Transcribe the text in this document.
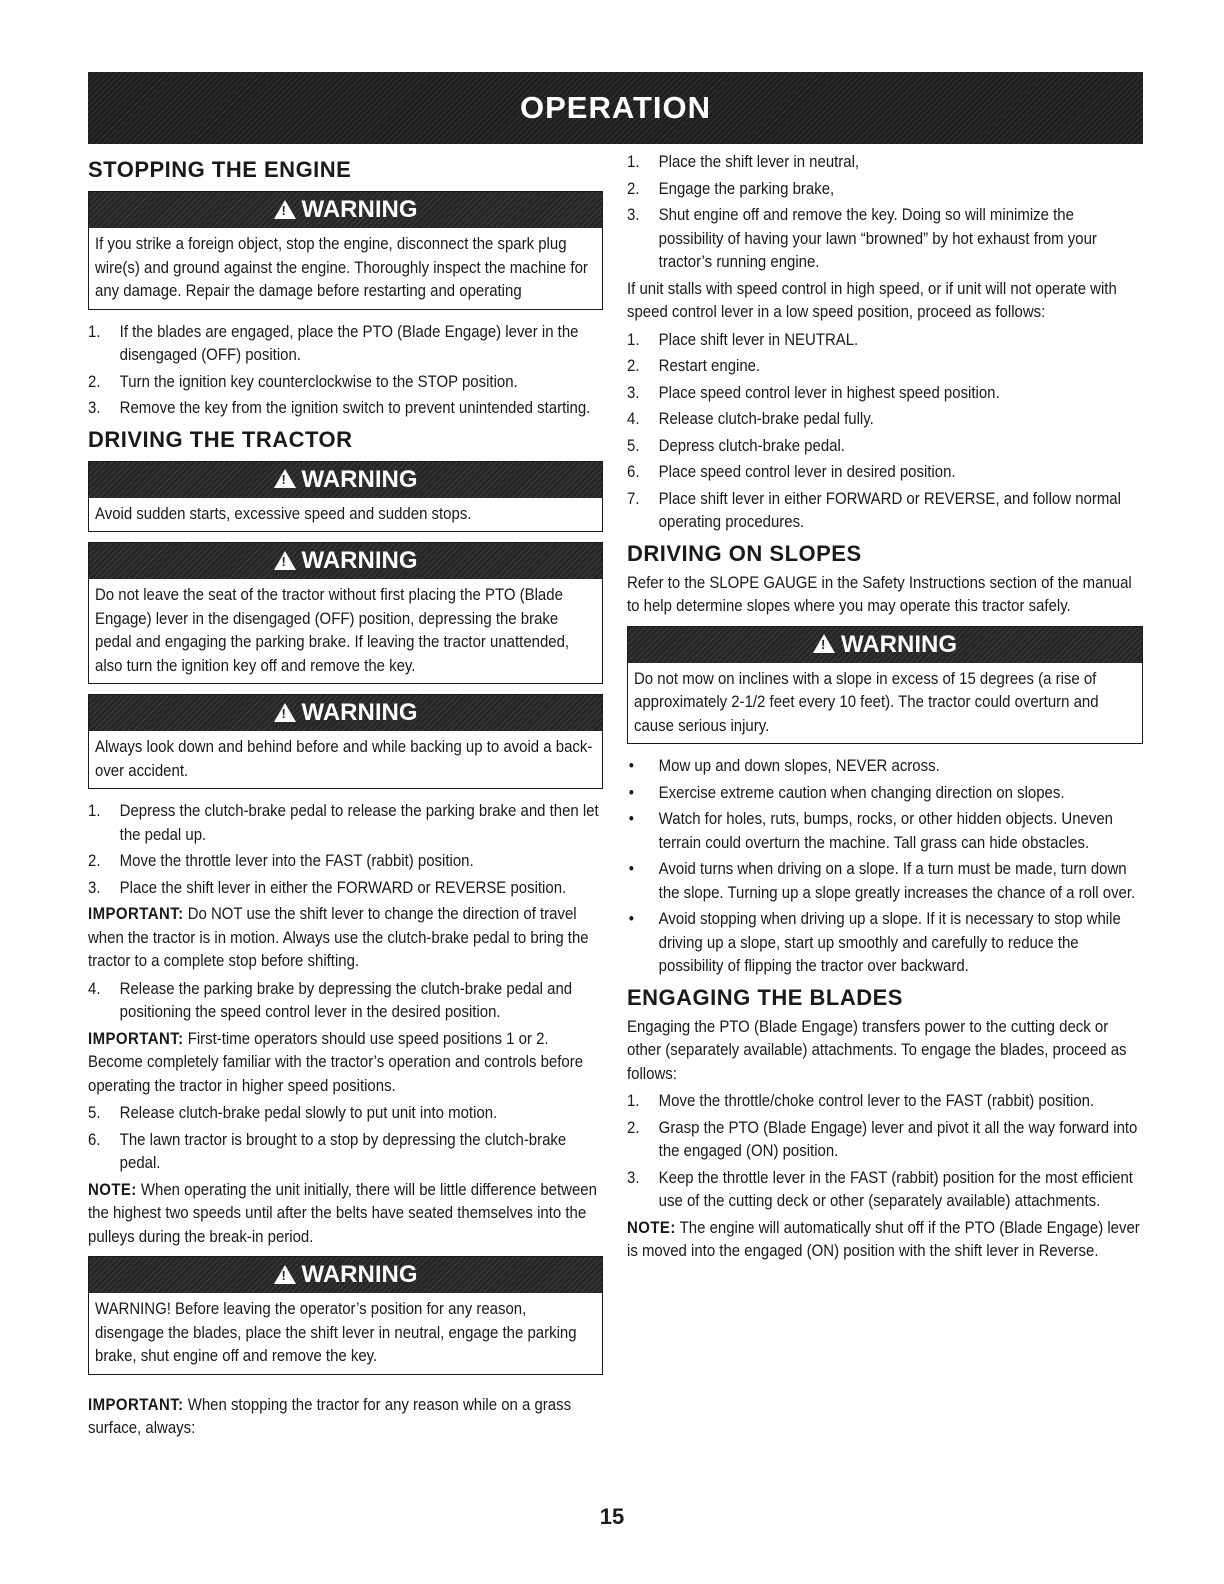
OPERATION
STOPPING THE ENGINE
!
WARNING
If you strike a foreign object, stop the engine, disconnect the spark plug wire(s) and ground against the engine. Thoroughly inspect the machine for any damage. Repair the damage before restarting and operating
1. If the blades are engaged, place the PTO (Blade Engage) lever in the disengaged (OFF) position.
2. Turn the ignition key counterclockwise to the STOP position.
3. Remove the key from the ignition switch to prevent unintended starting.
DRIVING THE TRACTOR
!
WARNING
Avoid sudden starts, excessive speed and sudden stops.
!
WARNING
Do not leave the seat of the tractor without first placing the PTO (Blade Engage) lever in the disengaged (OFF) position, depressing the brake pedal and engaging the parking brake. If leaving the tractor unattended, also turn the ignition key off and remove the key.
!
WARNING
Always look down and behind before and while backing up to avoid a back-over accident.
1. Depress the clutch-brake pedal to release the parking brake and then let the pedal up.
2. Move the throttle lever into the FAST (rabbit) position.
3. Place the shift lever in either the FORWARD or REVERSE position.

IMPORTANT: Do NOT use the shift lever to change the direction of travel when the tractor is in motion. Always use the clutch-brake pedal to bring the tractor to a complete stop before shifting.

4. Release the parking brake by depressing the clutch-brake pedal and positioning the speed control lever in the desired position.

IMPORTANT: First-time operators should use speed positions 1 or 2. Become completely familiar with the tractor’s operation and controls before operating the tractor in higher speed positions.

5. Release clutch-brake pedal slowly to put unit into motion.
6. The lawn tractor is brought to a stop by depressing the clutch-brake pedal.

NOTE: When operating the unit initially, there will be little difference between the highest two speeds until after the belts have seated themselves into the pulleys during the break-in period.

!
WARNING
WARNING! Before leaving the operator’s position for any reason, disengage the blades, place the shift lever in neutral, engage the parking brake, shut engine off and remove the key.

IMPORTANT: When stopping the tractor for any reason while on a grass surface, always:

1. Place the shift lever in neutral,
2. Engage the parking brake,
3. Shut engine off and remove the key. Doing so will minimize the possibility of having your lawn “browned” by hot exhaust from your tractor’s running engine.

If unit stalls with speed control in high speed, or if unit will not operate with speed control lever in a low speed position, proceed as follows:

1. Place shift lever in NEUTRAL.
2. Restart engine.
3. Place speed control lever in highest speed position.
4. Release clutch-brake pedal fully.
5. Depress clutch-brake pedal.
6. Place speed control lever in desired position.
7. Place shift lever in either FORWARD or REVERSE, and follow normal operating procedures.
DRIVING ON SLOPES

Refer to the SLOPE GAUGE in the Safety Instructions section of the manual to help determine slopes where you may operate this tractor safely.

!
WARNING
Do not mow on inclines with a slope in excess of 15 degrees (a rise of approximately 2-1/2 feet every 10 feet). The tractor could overturn and cause serious injury.
• Mow up and down slopes, NEVER across.
• Exercise extreme caution when changing direction on slopes.
• Watch for holes, ruts, bumps, rocks, or other hidden objects. Uneven terrain could overturn the machine. Tall grass can hide obstacles.
• Avoid turns when driving on a slope. If a turn must be made, turn down the slope. Turning up a slope greatly increases the chance of a roll over.
• Avoid stopping when driving up a slope. If it is necessary to stop while driving up a slope, start up smoothly and carefully to reduce the possibility of flipping the tractor over backward.
ENGAGING THE BLADES

Engaging the PTO (Blade Engage) transfers power to the cutting deck or other (separately available) attachments. To engage the blades, proceed as follows:

1. Move the throttle/choke control lever to the FAST (rabbit) position.
2. Grasp the PTO (Blade Engage) lever and pivot it all the way forward into the engaged (ON) position.
3. Keep the throttle lever in the FAST (rabbit) position for the most efficient use of the cutting deck or other (separately available) attachments.

NOTE: The engine will automatically shut off if the PTO (Blade Engage) lever is moved into the engaged (ON) position with the shift lever in Reverse.

15
